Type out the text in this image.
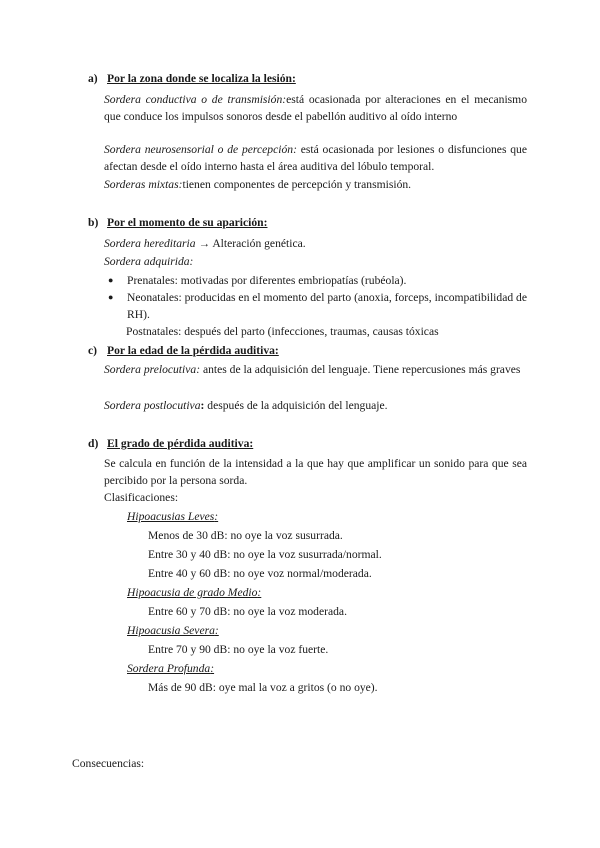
a) Por la zona donde se localiza la lesión:
Sordera conductiva o de transmisión:está ocasionada por alteraciones en el mecanismo que conduce los impulsos sonoros desde el pabellón auditivo al oído interno
Sordera neurosensorial o de percepción: está ocasionada por lesiones o disfunciones que afectan desde el oído interno hasta el área auditiva del lóbulo temporal.
Sorderas mixtas:tienen componentes de percepción y transmisión.
b) Por el momento de su aparición:
Sordera hereditaria → Alteración genética.
Sordera adquirida:
● Prenatales: motivadas por diferentes embriopatías (rubéola).
● Neonatales: producidas en el momento del parto (anoxia, forceps, incompatibilidad de RH).
Postnatales: después del parto (infecciones, traumas, causas tóxicas
c) Por la edad de la pérdida auditiva:
Sordera prelocutiva: antes de la adquisición del lenguaje. Tiene repercusiones más graves
Sordera postlocutiva: después de la adquisición del lenguaje.
d) El grado de pérdida auditiva:
Se calcula en función de la intensidad a la que hay que amplificar un sonido para que sea percibido por la persona sorda.
Clasificaciones:
Hipoacusias Leves:
Menos de 30 dB: no oye la voz susurrada.
Entre 30 y 40 dB: no oye la voz susurrada/normal.
Entre 40 y 60 dB: no oye voz normal/moderada.
Hipoacusia de grado Medio:
Entre 60 y 70 dB: no oye la voz moderada.
Hipoacusia Severa:
Entre 70 y 90 dB: no oye la voz fuerte.
Sordera Profunda:
Más de 90 dB: oye mal la voz a gritos (o no oye).
Consecuencias:
